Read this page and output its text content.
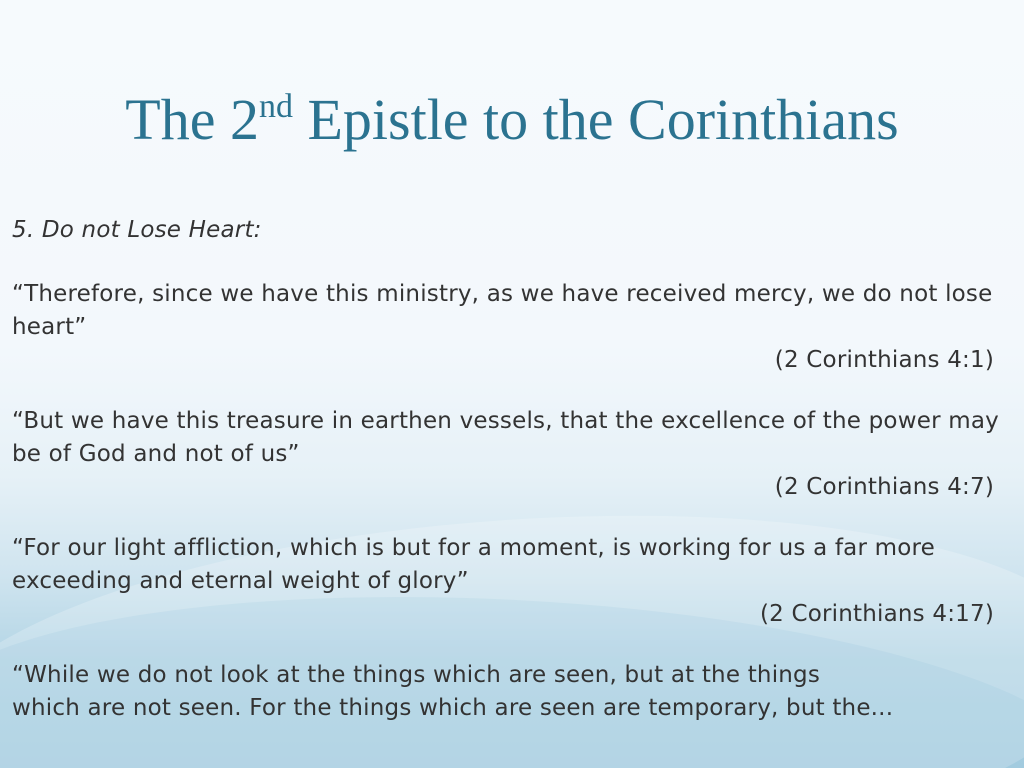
The 2nd Epistle to the Corinthians

5. Do not Lose Heart:

“Therefore, since we have this ministry, as we have received mercy, we do not lose heart”

(2 Corinthians 4:1)

“But we have this treasure in earthen vessels, that the excellence of the power may be of God and not of us”

(2 Corinthians 4:7)

“For our light affliction, which is but for a moment, is working for us a far more exceeding and eternal weight of glory”

(2 Corinthians 4:17)

“While we do not look at the things which are seen, but at the things

which are not seen. For the things which are seen are temporary, but the...
